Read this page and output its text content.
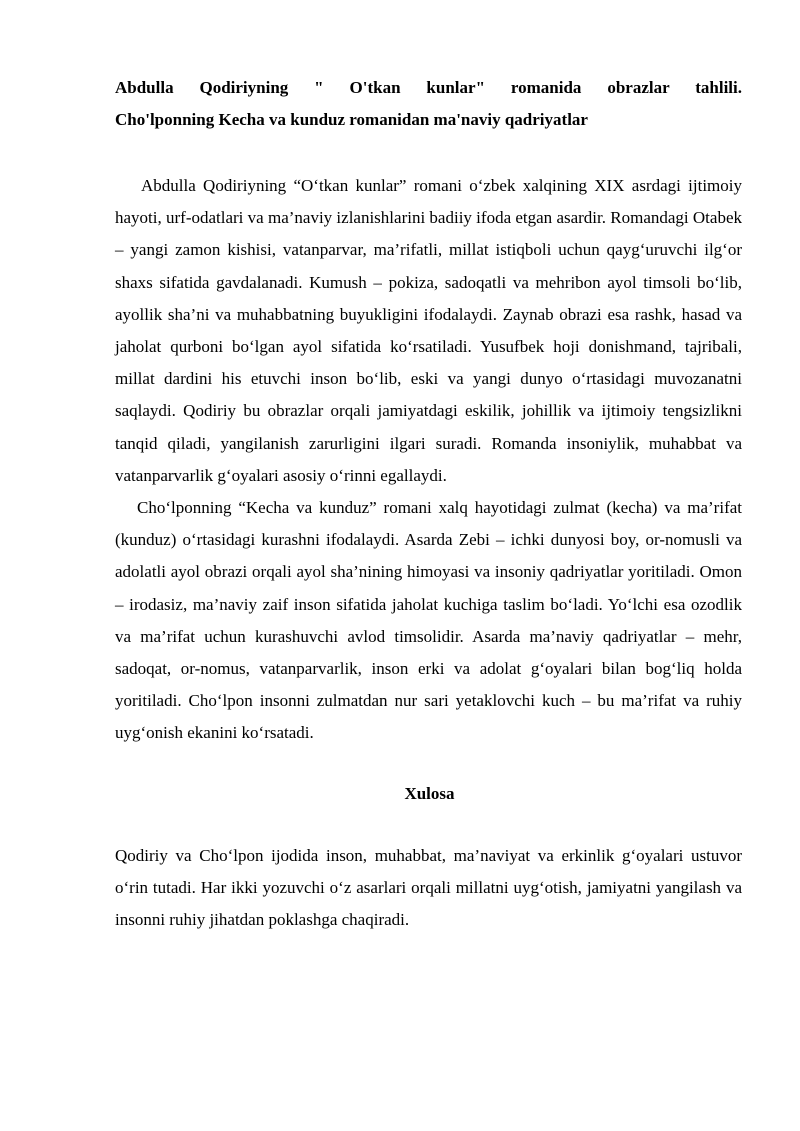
Abdulla Qodiriyning " O'tkan kunlar" romanida obrazlar tahlili.
Cho'lponning Kecha va kunduz romanidan ma'naviy qadriyatlar

Abdulla Qodiriyning “O‘tkan kunlar” romani o‘zbek xalqining XIX asrdagi ijtimoiy hayoti, urf-odatlari va ma’naviy izlanishlarini badiiy ifoda etgan asardir. Romandagi Otabek – yangi zamon kishisi, vatanparvar, ma’rifatli, millat istiqboli uchun qayg‘uruvchi ilg‘or shaxs sifatida gavdalanadi. Kumush – pokiza, sadoqatli va mehribon ayol timsoli bo‘lib, ayollik sha’ni va muhabbatning buyukligini ifodalaydi. Zaynab obrazi esa rashk, hasad va jaholat qurboni bo‘lgan ayol sifatida ko‘rsatiladi. Yusufbek hoji donishmand, tajribali, millat dardini his etuvchi inson bo‘lib, eski va yangi dunyo o‘rtasidagi muvozanatni saqlaydi. Qodiriy bu obrazlar orqali jamiyatdagi eskilik, johillik va ijtimoiy tengsizlikni tanqid qiladi, yangilanish zarurligini ilgari suradi. Romanda insoniylik, muhabbat va vatanparvarlik g‘oyalari asosiy o‘rinni egallaydi.

Cho‘lponning “Kecha va kunduz” romani xalq hayotidagi zulmat (kecha) va ma’rifat (kunduz) o‘rtasidagi kurashni ifodalaydi. Asarda Zebi – ichki dunyosi boy, or-nomusli va adolatli ayol obrazi orqali ayol sha’nining himoyasi va insoniy qadriyatlar yoritiladi. Omon – irodasiz, ma’naviy zaif inson sifatida jaholat kuchiga taslim bo‘ladi. Yo‘lchi esa ozodlik va ma’rifat uchun kurashuvchi avlod timsolidir. Asarda ma’naviy qadriyatlar – mehr, sadoqat, or-nomus, vatanparvarlik, inson erki va adolat g‘oyalari bilan bog‘liq holda yoritiladi. Cho‘lpon insonni zulmatdan nur sari yetaklovchi kuch – bu ma’rifat va ruhiy uyg‘onish ekanini ko‘rsatadi.

Xulosa

Qodiriy va Cho‘lpon ijodida inson, muhabbat, ma’naviyat va erkinlik g‘oyalari ustuvor o‘rin tutadi. Har ikki yozuvchi o‘z asarlari orqali millatni uyg‘otish, jamiyatni yangilash va insonni ruhiy jihatdan poklashga chaqiradi.
